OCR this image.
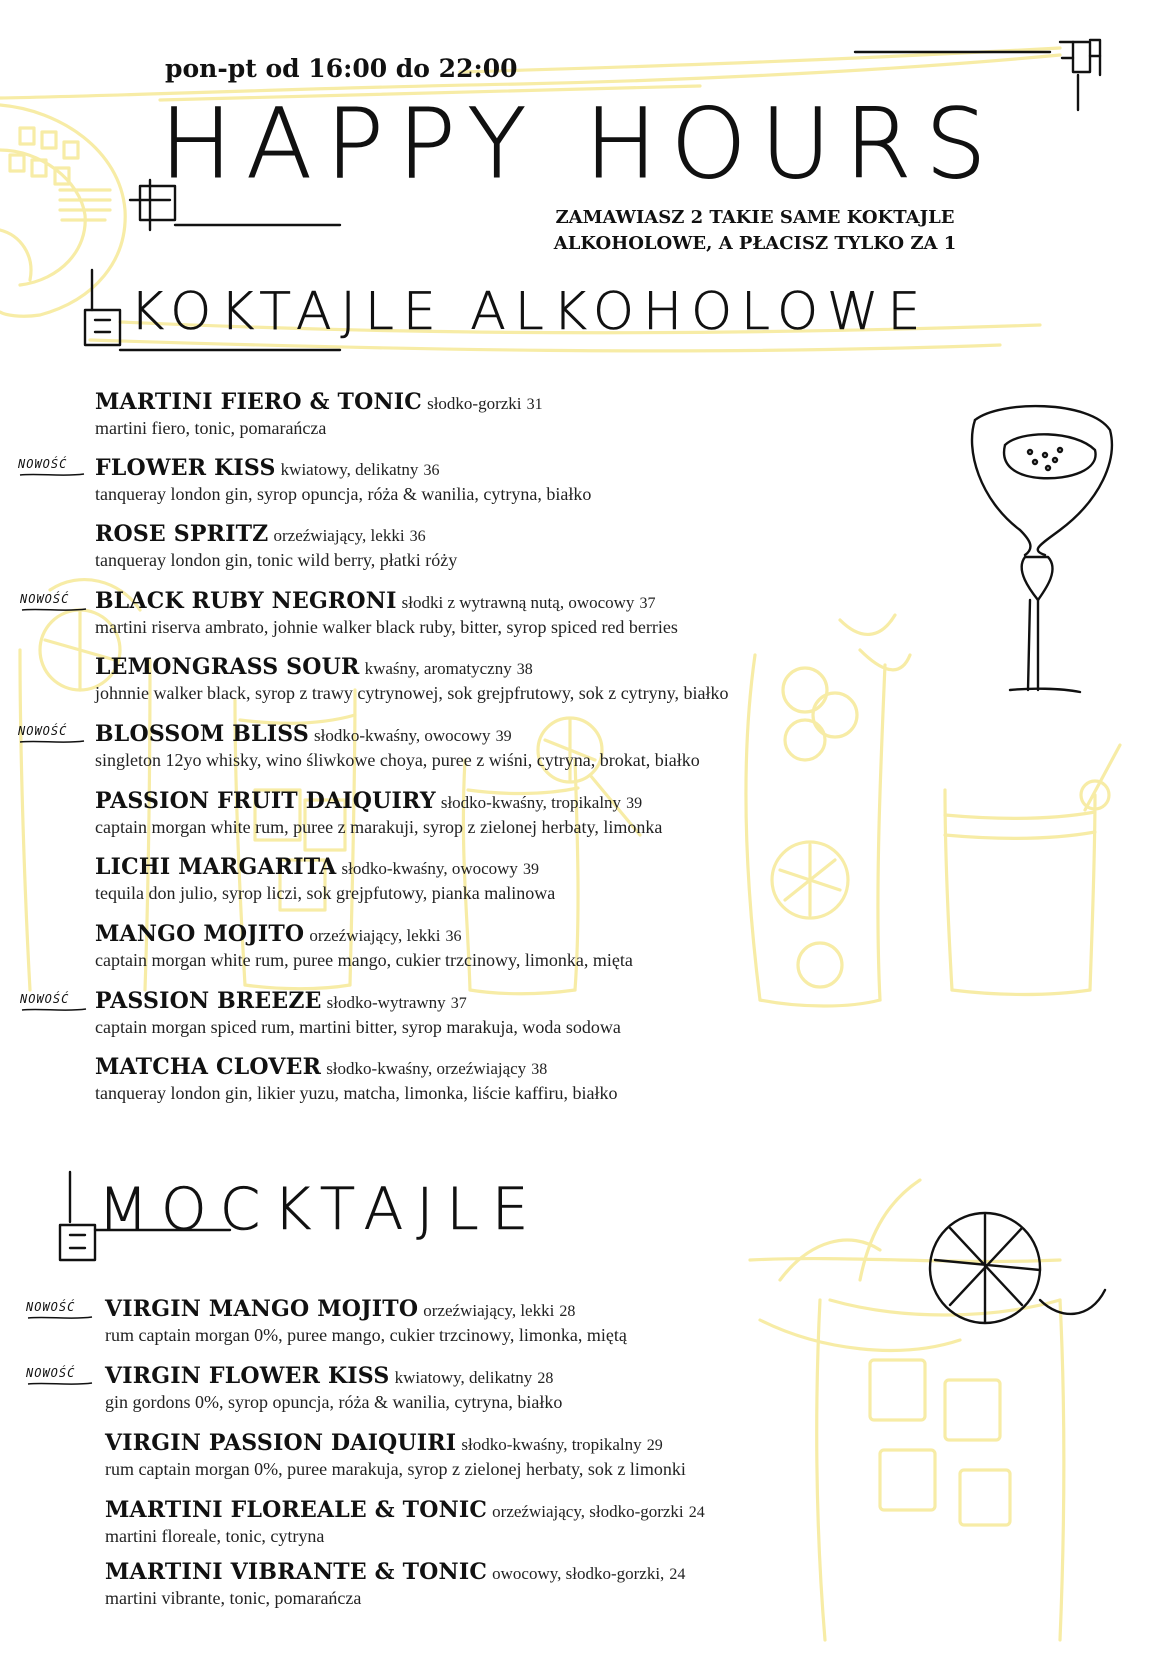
pon-pt od 16:00 do 22:00
HAPPY HOURS
ZAMAWIASZ 2 TAKIE SAME KOKTAJLE
ALKOHOLOWE, A PŁACISZ TYLKO ZA 1
KOKTAJLE ALKOHOLOWE
MARTINI FIERO & TONIC słodko-gorzki 31
martini fiero, tonic, pomarańcza
FLOWER KISS kwiatowy, delikatny 36
tanqueray london gin, syrop opuncja, róża & wanilia, cytryna, białko
ROSE SPRITZ orzeźwiający, lekki 36
tanqueray london gin, tonic wild berry, płatki róży
BLACK RUBY NEGRONI słodki z wytrawną nutą, owocowy 37
martini riserva ambrato, johnie walker black ruby, bitter, syrop spiced red berries
LEMONGRASS SOUR kwaśny, aromatyczny 38
johnnie walker black, syrop z trawy cytrynowej, sok grejpfrutowy, sok z cytryny, białko
BLOSSOM BLISS słodko-kwaśny, owocowy 39
singleton 12yo whisky, wino śliwkowe choya, puree z wiśni, cytryna, brokat, białko
PASSION FRUIT DAIQUIRY słodko-kwaśny, tropikalny 39
captain morgan white rum, puree z marakuji, syrop z zielonej herbaty, limonka
LICHI MARGARITA słodko-kwaśny, owocowy 39
tequila don julio, syrop liczi, sok grejpfutowy, pianka malinowa
MANGO MOJITO orzeźwiający, lekki 36
captain morgan white rum, puree mango, cukier trzcinowy, limonka, mięta
PASSION BREEZE słodko-wytrawny 37
captain morgan spiced rum, martini bitter, syrop marakuja, woda sodowa
MATCHA CLOVER słodko-kwaśny, orzeźwiający 38
tanqueray london gin, likier yuzu, matcha, limonka, liście kaffiru, białko
NOWOŚĆ
NOWOŚĆ
NOWOŚĆ
NOWOŚĆ
MOCKTAJLE
VIRGIN MANGO MOJITO orzeźwiający, lekki 28
rum captain morgan 0%, puree mango, cukier trzcinowy, limonka, miętą
VIRGIN FLOWER KISS kwiatowy, delikatny 28
gin gordons 0%, syrop opuncja, róża & wanilia, cytryna, białko
VIRGIN PASSION DAIQUIRI słodko-kwaśny, tropikalny 29
rum captain morgan 0%, puree marakuja, syrop z zielonej herbaty, sok z limonki
MARTINI FLOREALE & TONIC orzeźwiający, słodko-gorzki 24
martini floreale, tonic, cytryna
MARTINI VIBRANTE & TONIC owocowy, słodko-gorzki, 24
martini vibrante, tonic, pomarańcza
NOWOŚĆ
NOWOŚĆ
